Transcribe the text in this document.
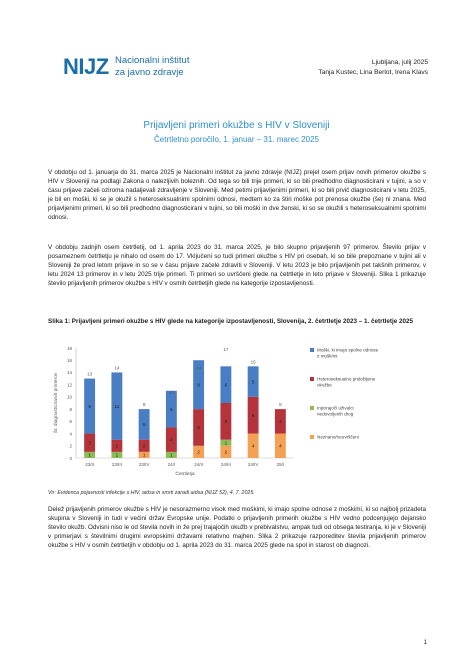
NIJZ Nacionalni inštitut
za javno zdravje
Ljubljana, julij 2025
Tanja Kustec, Lina Berlot, Irena Klavs
Prijavljeni primeri okužbe s HIV v Sloveniji
Četrtletno poročilo, 1. januar – 31. marec 2025
V obdobju od 1. januarja do 31. marca 2025 je Nacionalni inštitut za javno zdravje (NIJZ) prejel osem prijav novih primerov okužbe s HIV v Sloveniji na podlagi Zakona o nalezljivih boleznih. Od tega so bili trije primeri, ki so bili predhodno diagnosticirani v tujini, a so v času prijave začeli oziroma nadaljevali zdravljenje v Sloveniji. Med petimi prijavljenimi primeri, ki so bili prvič diagnosticirani v letu 2025, je bil en moški, ki se je okužil s heteroseksualnimi spolnimi odnosi, medtem ko za štiri moške pot prenosa okužbe (še) ni znana. Med prijavljenimi primeri, ki so bili predhodno diagnosticirani v tujini, so bili moški in dve ženski, ki so se okužili s heteroseksualnimi spolnimi odnosi.
V obdobju zadnjih osem četrtletij, od 1. aprila 2023 do 31. marca 2025, je bilo skupno prijavljenih 97 primerov. Število prijav v posameznem četrtletju je nihalo od osem do 17. Vključeni so tudi primeri okužbe s HIV pri osebah, ki so bile prepoznane v tujini ali v Sloveniji že pred letom prijave in so se v času prijave začele zdraviti v Sloveniji. V letu 2023 je bilo prijavljenih pet takšnih primerov, v letu 2024 13 primerov in v letu 2025 trije primeri. Ti primeri so uvrščeni glede na četrtletje in leto prijave v Sloveniji. Slika 1 prikazuje število prijavljenih primerov okužbe s HIV v osmih četrtletjih glede na kategorije izpostavljenosti.
Slika 1: Prijavljeni primeri okužbe s HIV glede na kategorije izpostavljenosti, Slovenija, 2. četrtletje 2023 – 1. četrtletje 2025
0
2
4
6
8
10
12
14
16
18
Št. diagnosticiranih primerov
Četrtletja
1
3
9
13
23/II
1
2
11
14
23/III
1
2
5
8
23/IV
1
4
6
10
24/I
2
6
8
14
24/II
2
1
6
6
17
24/III
4
6
5
15
24/IV
4
4
8
25/I
Moški, ki imajo spolne odnose z moškimi
Heteroseksualno pridobljene okužbe
Injicirajoči uživalci nedovoljenih drog
Neznano/neuvrščeni
Vir: Evidenca pojavnosti infekcije s HIV, aidsa in smrti zaradi aidsa (NIJZ 52), 4. 7. 2025.
Delež prijavljenih primerov okužbe s HIV je nesorazmerno visok med moškimi, ki imajo spolne odnose z moškimi, ki so najbolj prizadeta skupina v Sloveniji in tudi v večini držav Evropske unije. Podatki o prijavljenih primerih okužbe s HIV vedno podcenjujejo dejansko število okužb. Odvisni niso le od števila novih in že prej trajajočih okužb v prebivalstvu, ampak tudi od obsega testiranja, ki je v Sloveniji v primerjavi s številnimi drugimi evropskimi državami relativno majhen. Slika 2 prikazuje razporeditev števila prijavljenih primerov okužbe s HIV v osmih četrtletjih v obdobju od 1. aprila 2023 do 31. marca 2025 glede na spol in starost ob diagnozi.
1
